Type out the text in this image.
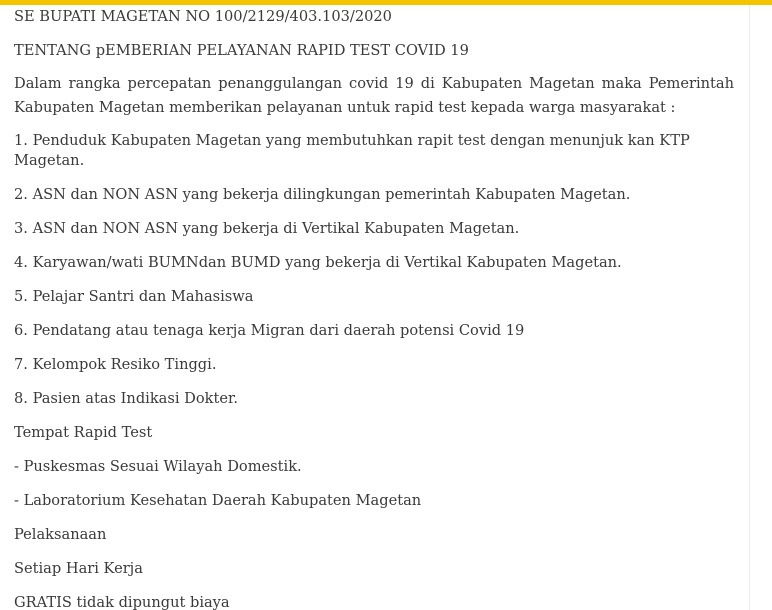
SE BUPATI MAGETAN NO 100/2129/403.103/2020

TENTANG pEMBERIAN PELAYANAN RAPID TEST COVID 19

Dalam rangka percepatan penanggulangan covid 19 di Kabupaten Magetan maka Pemerintah Kabupaten Magetan memberikan pelayanan untuk rapid test kepada warga masyarakat :

1. Penduduk Kabupaten Magetan yang membutuhkan rapit test dengan menunjuk kan KTP Magetan.

2. ASN dan NON ASN yang bekerja dilingkungan pemerintah Kabupaten Magetan.

3. ASN dan NON ASN yang bekerja di Vertikal Kabupaten Magetan.

4. Karyawan/wati BUMNdan BUMD yang bekerja di Vertikal Kabupaten Magetan.

5. Pelajar Santri dan Mahasiswa

6. Pendatang atau tenaga kerja Migran dari daerah potensi Covid 19

7. Kelompok Resiko Tinggi.

8. Pasien atas Indikasi Dokter.

Tempat Rapid Test

- Puskesmas Sesuai Wilayah Domestik.

- Laboratorium Kesehatan Daerah Kabupaten Magetan

Pelaksanaan

Setiap Hari Kerja

GRATIS tidak dipungut biaya
